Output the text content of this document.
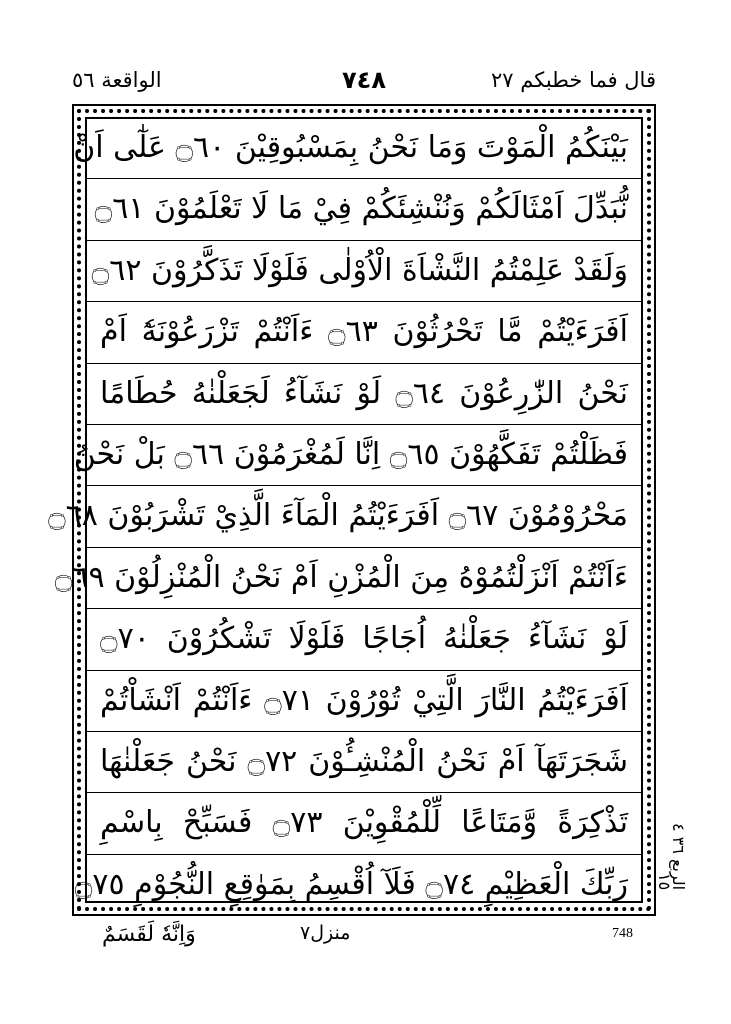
الواقعة ٥٦	٧٤٨	قال فما خطبكم ٢٧
بَيْنَكُمُ الْمَوْتَ وَمَا نَحْنُ بِمَسْبُوقِيْنَ ۝٦٠ عَلٰٓى اَنْ
نُّبَدِّلَ اَمْثَالَكُمْ وَنُنْشِئَكُمْ فِيْ مَا لَا تَعْلَمُوْنَ ۝٦١
وَلَقَدْ عَلِمْتُمُ النَّشْاَةَ الْاُوْلٰى فَلَوْلَا تَذَكَّرُوْنَ ۝٦٢
اَفَرَءَيْتُمْ مَّا تَحْرُثُوْنَ ۝٦٣ ءَاَنْتُمْ تَزْرَعُوْنَهٗٓ اَمْ
نَحْنُ الزّٰرِعُوْنَ ۝٦٤ لَوْ نَشَآءُ لَجَعَلْنٰهُ حُطَامًا
فَظَلْتُمْ تَفَكَّهُوْنَ ۝٦٥ اِنَّا لَمُغْرَمُوْنَ ۝٦٦ بَلْ نَحْنُ
مَحْرُوْمُوْنَ ۝٦٧ اَفَرَءَيْتُمُ الْمَآءَ الَّذِيْ تَشْرَبُوْنَ ۝٦٨
ءَاَنْتُمْ اَنْزَلْتُمُوْهُ مِنَ الْمُزْنِ اَمْ نَحْنُ الْمُنْزِلُوْنَ ۝٦٩
لَوْ نَشَآءُ جَعَلْنٰهُ اُجَاجًا فَلَوْلَا تَشْكُرُوْنَ ۝٧٠
اَفَرَءَيْتُمُ النَّارَ الَّتِيْ تُوْرُوْنَ ۝٧١ ءَاَنْتُمْ اَنْشَاْتُمْ
شَجَرَتَهَآ اَمْ نَحْنُ الْمُنْشِـُٔوْنَ ۝٧٢ نَحْنُ جَعَلْنٰهَا
تَذْكِرَةً وَّمَتَاعًا لِّلْمُقْوِيْنَ ۝٧٣ فَسَبِّحْ بِاسْمِ
رَبِّكَ الْعَظِيْمِ ۝٧٤ فَلَآ اُقْسِمُ بِمَوٰقِعِ النُّجُوْمِ ۝٧٥
الربع ٣٦ ٤ ١٥
وَاِنَّهٗ لَقَسَمٌ	منزل٧	748
